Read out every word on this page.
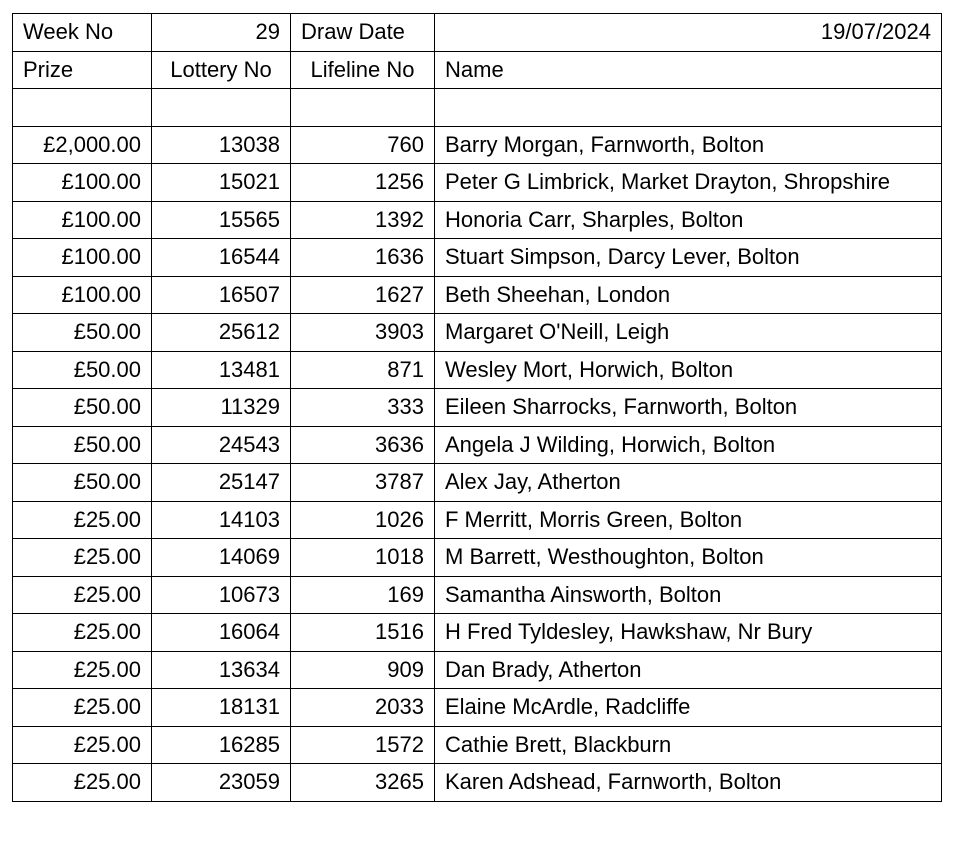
Week No	29	Draw Date	19/07/2024
Prize	Lottery No	Lifeline No	Name

£2,000.00	13038	760	Barry Morgan, Farnworth, Bolton
£100.00	15021	1256	Peter G Limbrick, Market Drayton, Shropshire
£100.00	15565	1392	Honoria Carr, Sharples, Bolton
£100.00	16544	1636	Stuart Simpson, Darcy Lever, Bolton
£100.00	16507	1627	Beth Sheehan, London
£50.00	25612	3903	Margaret O'Neill, Leigh
£50.00	13481	871	Wesley Mort, Horwich, Bolton
£50.00	11329	333	Eileen Sharrocks, Farnworth, Bolton
£50.00	24543	3636	Angela J Wilding, Horwich, Bolton
£50.00	25147	3787	Alex Jay, Atherton
£25.00	14103	1026	F Merritt, Morris Green, Bolton
£25.00	14069	1018	M Barrett, Westhoughton, Bolton
£25.00	10673	169	Samantha Ainsworth, Bolton
£25.00	16064	1516	H Fred Tyldesley, Hawkshaw, Nr Bury
£25.00	13634	909	Dan Brady, Atherton
£25.00	18131	2033	Elaine McArdle, Radcliffe
£25.00	16285	1572	Cathie Brett, Blackburn
£25.00	23059	3265	Karen Adshead, Farnworth, Bolton
